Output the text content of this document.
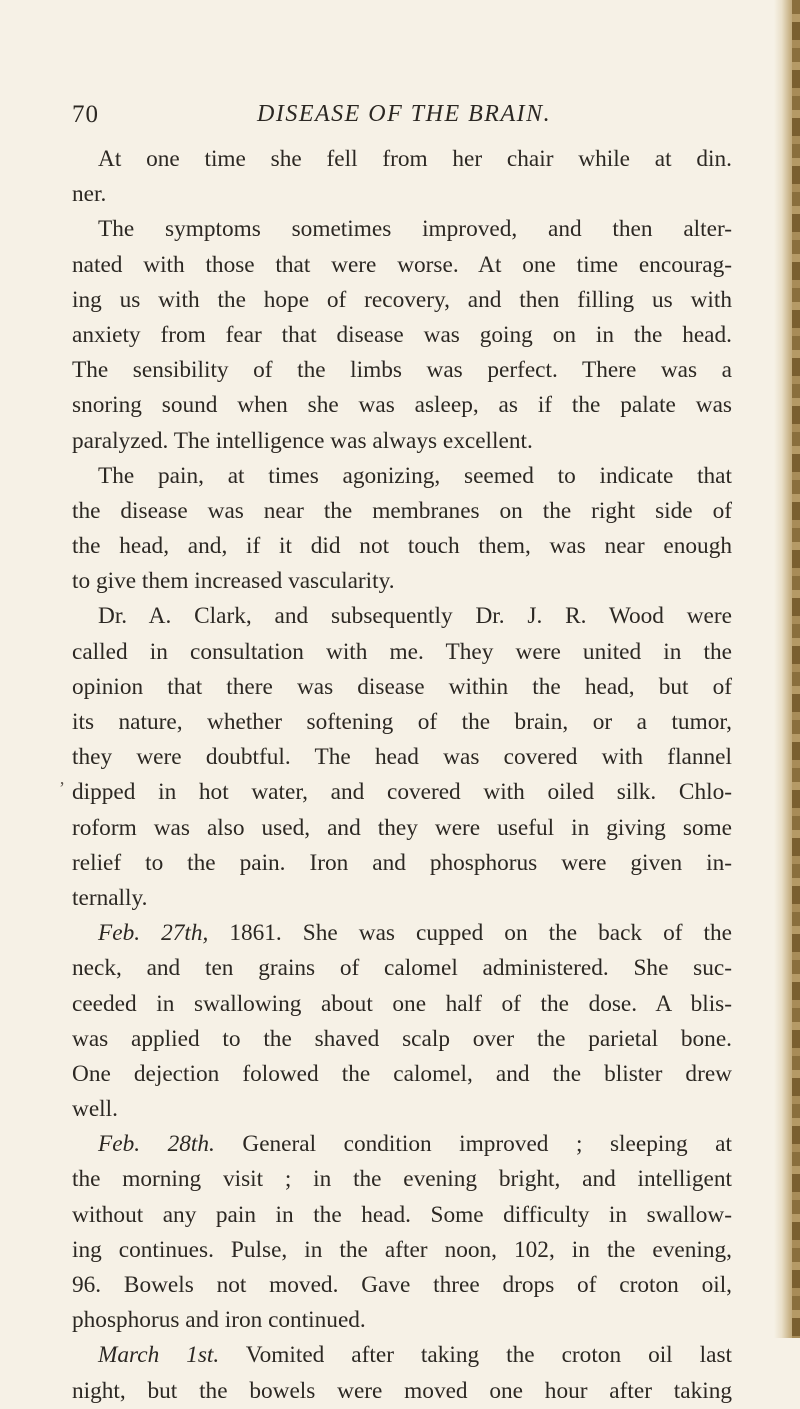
70	DISEASE OF THE BRAIN.
‚
At one time she fell from her chair while at din.
ner.
The symptoms sometimes improved, and then alter-
nated with those that were worse. At one time encourag-
ing us with the hope of recovery, and then filling us with
anxiety from fear that disease was going on in the head.
The sensibility of the limbs was perfect. There was a
snoring sound when she was asleep, as if the palate was
paralyzed. The intelligence was always excellent.
The pain, at times agonizing, seemed to indicate that
the disease was near the membranes on the right side of
the head, and, if it did not touch them, was near enough
to give them increased vascularity.
Dr. A. Clark, and subsequently Dr. J. R. Wood were
called in consultation with me. They were united in the
opinion that there was disease within the head, but of
its nature, whether softening of the brain, or a tumor,
they were doubtful. The head was covered with flannel
dipped in hot water, and covered with oiled silk. Chlo-
roform was also used, and they were useful in giving some
relief to the pain. Iron and phosphorus were given in-
ternally.
Feb. 27th, 1861. She was cupped on the back of the
neck, and ten grains of calomel administered. She suc-
ceeded in swallowing about one half of the dose. A blis-
was applied to the shaved scalp over the parietal bone.
One dejection folowed the calomel, and the blister drew
well.
Feb. 28th. General condition improved ; sleeping at
the morning visit ; in the evening bright, and intelligent
without any pain in the head. Some difficulty in swallow-
ing continues. Pulse, in the after noon, 102, in the evening,
96. Bowels not moved. Gave three drops of croton oil,
phosphorus and iron continued.
March 1st. Vomited after taking the croton oil last
night, but the bowels were moved one hour after taking
